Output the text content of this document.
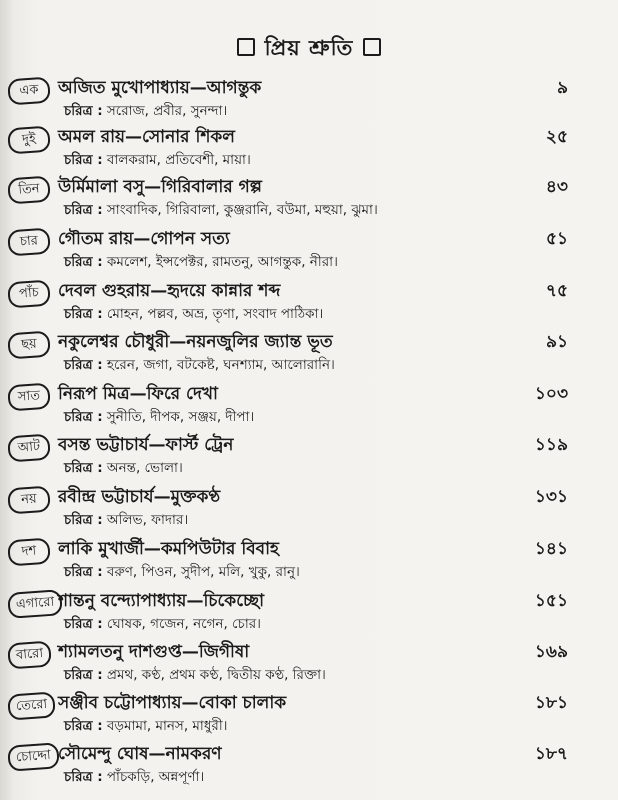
প্রিয় শ্রুতি
এক	অজিত মুখোপাধ্যায়—আগন্তুক	৯
চরিত্র : সরোজ, প্রবীর, সুনন্দা।
দুই	অমল রায়—সোনার শিকল	২৫
চরিত্র : বালকরাম, প্রতিবেশী, মায়া।
তিন	উর্মিমালা বসু—গিরিবালার গল্প	৪৩
চরিত্র : সাংবাদিক, গিরিবালা, কুঞ্জরানি, বউমা, মহুয়া, ঝুমা।
চার	গৌতম রায়—গোপন সত্য	৫১
চরিত্র : কমলেশ, ইন্সপেক্টর, রামতনু, আগন্তুক, নীরা।
পাঁচ	দেবল গুহরায়—হৃদয়ে কান্নার শব্দ	৭৫
চরিত্র : মোহন, পল্লব, অভ্র, তৃণা, সংবাদ পাঠিকা।
ছয়	নকুলেশ্বর চৌধুরী—নয়নজুলির জ্যান্ত ভূত	৯১
চরিত্র : হরেন, জগা, বটকেষ্ট, ঘনশ্যাম, আলোরানি।
সাত	নিরূপ মিত্র—ফিরে দেখা	১০৩
চরিত্র : সুনীতি, দীপক, সঞ্জয়, দীপা।
আট	বসন্ত ভট্টাচার্য—ফার্স্ট ট্রেন	১১৯
চরিত্র : অনন্ত, ভোলা।
নয়	রবীন্দ্র ভট্টাচার্য—মুক্তকণ্ঠ	১৩১
চরিত্র : অলিভ, ফাদার।
দশ	লাকি মুখার্জী—কমপিউটার বিবাহ	১৪১
চরিত্র : বরুণ, পিওন, সুদীপ, মলি, খুকু, রানু।
এগারো শান্তনু বন্দ্যোপাধ্যায়—চিকেচ্ছো	১৫১
চরিত্র : ঘোষক, গজেন, নগেন, চোর।
বারো শ্যামলতনু দাশগুপ্ত—জিগীষা	১৬৯
চরিত্র : প্রমথ, কণ্ঠ, প্রথম কণ্ঠ, দ্বিতীয় কণ্ঠ, রিক্তা।
তেরো সঞ্জীব চট্টোপাধ্যায়—বোকা চালাক	১৮১
চরিত্র : বড়মামা, মানস, মাধুরী।
চোদ্দো সৌমেন্দু ঘোষ—নামকরণ	১৮৭
চরিত্র : পাঁচকড়ি, অন্নপূর্ণা।
